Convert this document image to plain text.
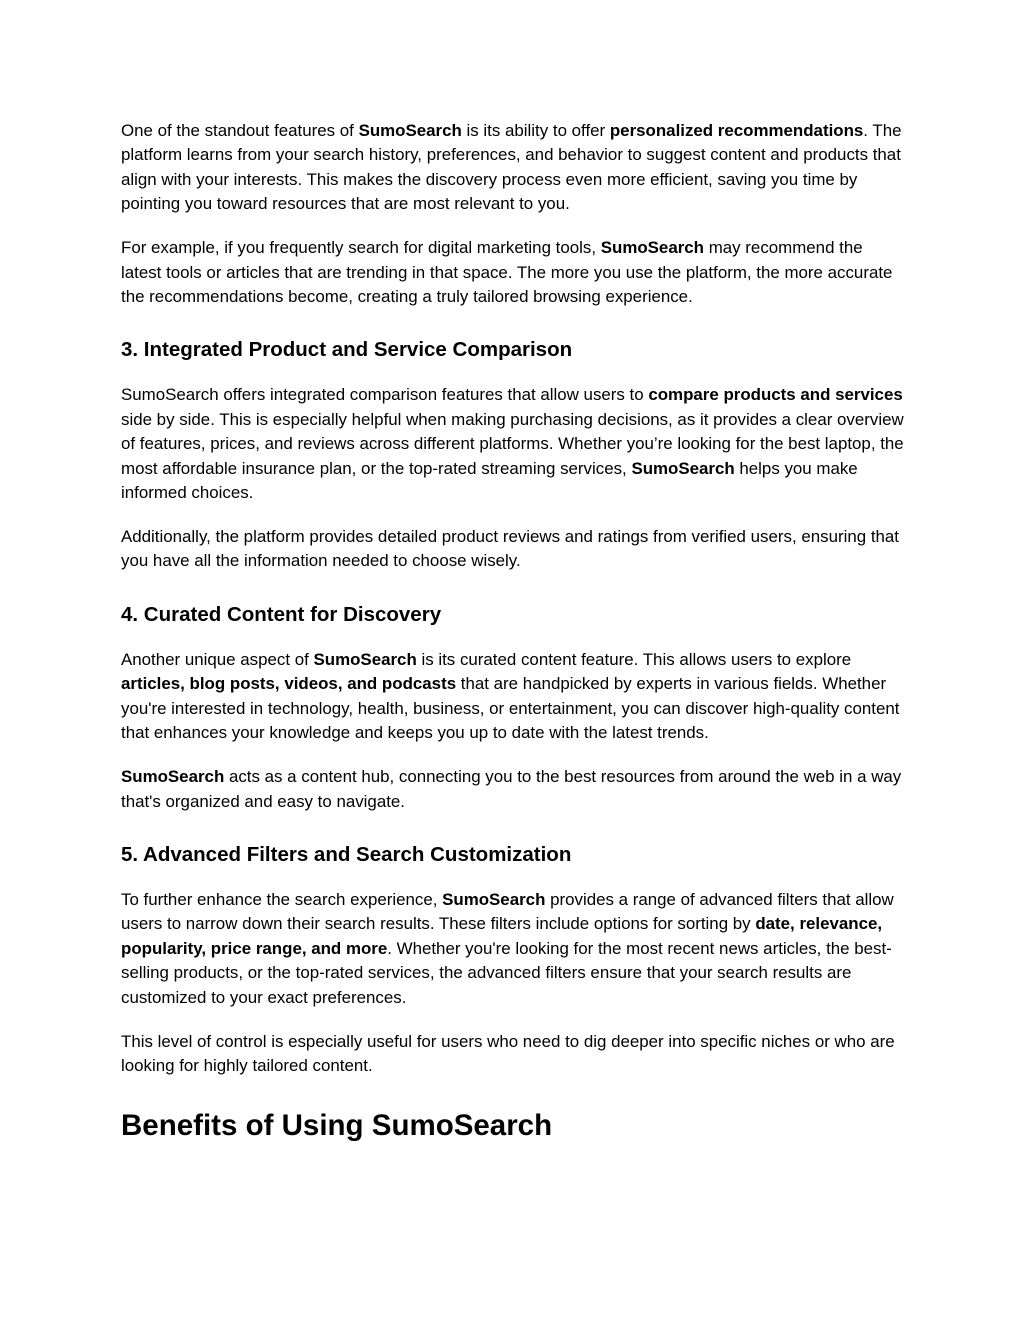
One of the standout features of SumoSearch is its ability to offer personalized recommendations. The platform learns from your search history, preferences, and behavior to suggest content and products that align with your interests. This makes the discovery process even more efficient, saving you time by pointing you toward resources that are most relevant to you.

For example, if you frequently search for digital marketing tools, SumoSearch may recommend the latest tools or articles that are trending in that space. The more you use the platform, the more accurate the recommendations become, creating a truly tailored browsing experience.

3. Integrated Product and Service Comparison

SumoSearch offers integrated comparison features that allow users to compare products and services side by side. This is especially helpful when making purchasing decisions, as it provides a clear overview of features, prices, and reviews across different platforms. Whether you’re looking for the best laptop, the most affordable insurance plan, or the top-rated streaming services, SumoSearch helps you make informed choices.

Additionally, the platform provides detailed product reviews and ratings from verified users, ensuring that you have all the information needed to choose wisely.

4. Curated Content for Discovery

Another unique aspect of SumoSearch is its curated content feature. This allows users to explore articles, blog posts, videos, and podcasts that are handpicked by experts in various fields. Whether you're interested in technology, health, business, or entertainment, you can discover high-quality content that enhances your knowledge and keeps you up to date with the latest trends.

SumoSearch acts as a content hub, connecting you to the best resources from around the web in a way that's organized and easy to navigate.

5. Advanced Filters and Search Customization

To further enhance the search experience, SumoSearch provides a range of advanced filters that allow users to narrow down their search results. These filters include options for sorting by date, relevance, popularity, price range, and more. Whether you're looking for the most recent news articles, the best-selling products, or the top-rated services, the advanced filters ensure that your search results are customized to your exact preferences.

This level of control is especially useful for users who need to dig deeper into specific niches or who are looking for highly tailored content.

Benefits of Using SumoSearch
